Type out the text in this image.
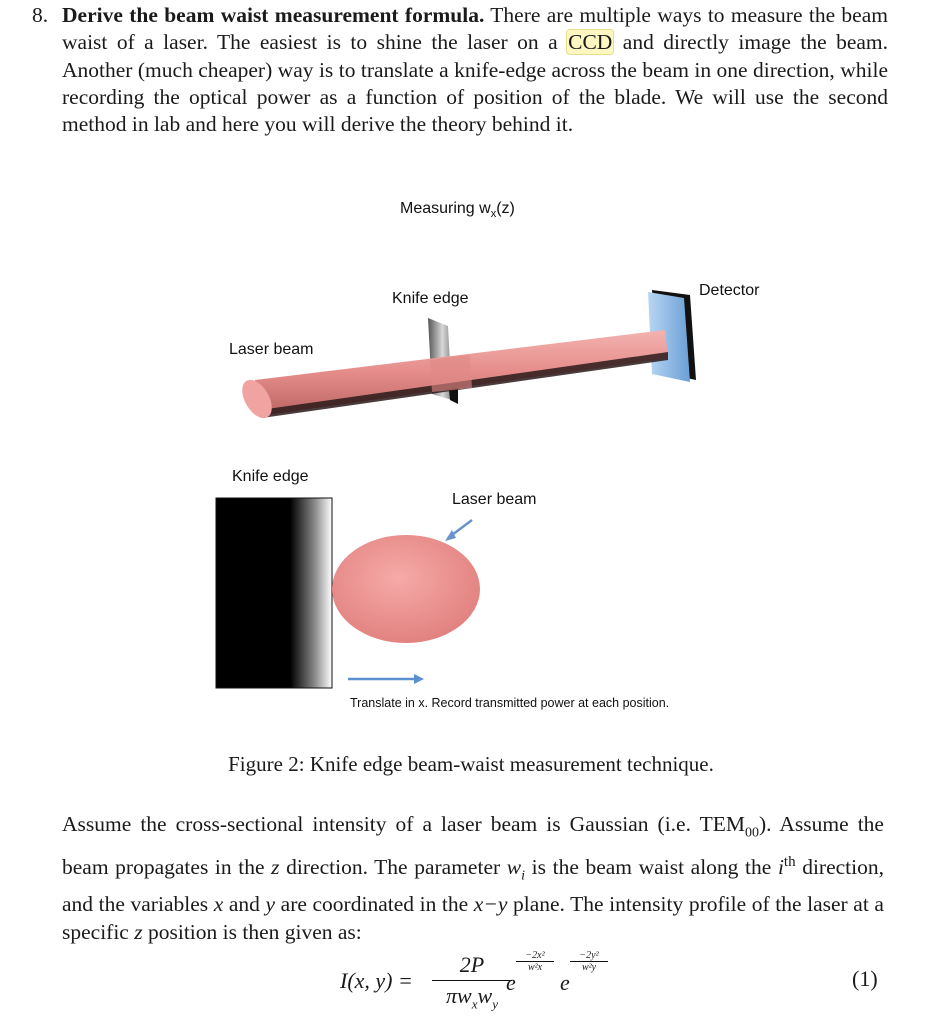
8. Derive the beam waist measurement formula. There are multiple ways to measure the beam waist of a laser. The easiest is to shine the laser on a CCD and directly image the beam. Another (much cheaper) way is to translate a knife-edge across the beam in one direction, while recording the optical power as a function of position of the blade. We will use the second method in lab and here you will derive the theory behind it.
Measuring $w_x(z)$
Knife edge	Detector
Laser beam
Knife edge
Laser beam
Translate in x. Record transmitted power at each position.
Figure 2: Knife edge beam-waist measurement technique.
Assume the cross-sectional intensity of a laser beam is Gaussian (i.e. $TEM_{00}$). Assume the beam propagates in the z direction. The parameter $w_i$ is the beam waist along the $i^{th}$ direction, and the variables x and y are coordinated in the x−y plane. The intensity profile of the laser at a specific z position is then given as:
I(x, y) =
2P
$\pi w_xw_y$
e
−2x²
w²x
e
−2y²
w²y	(1)
